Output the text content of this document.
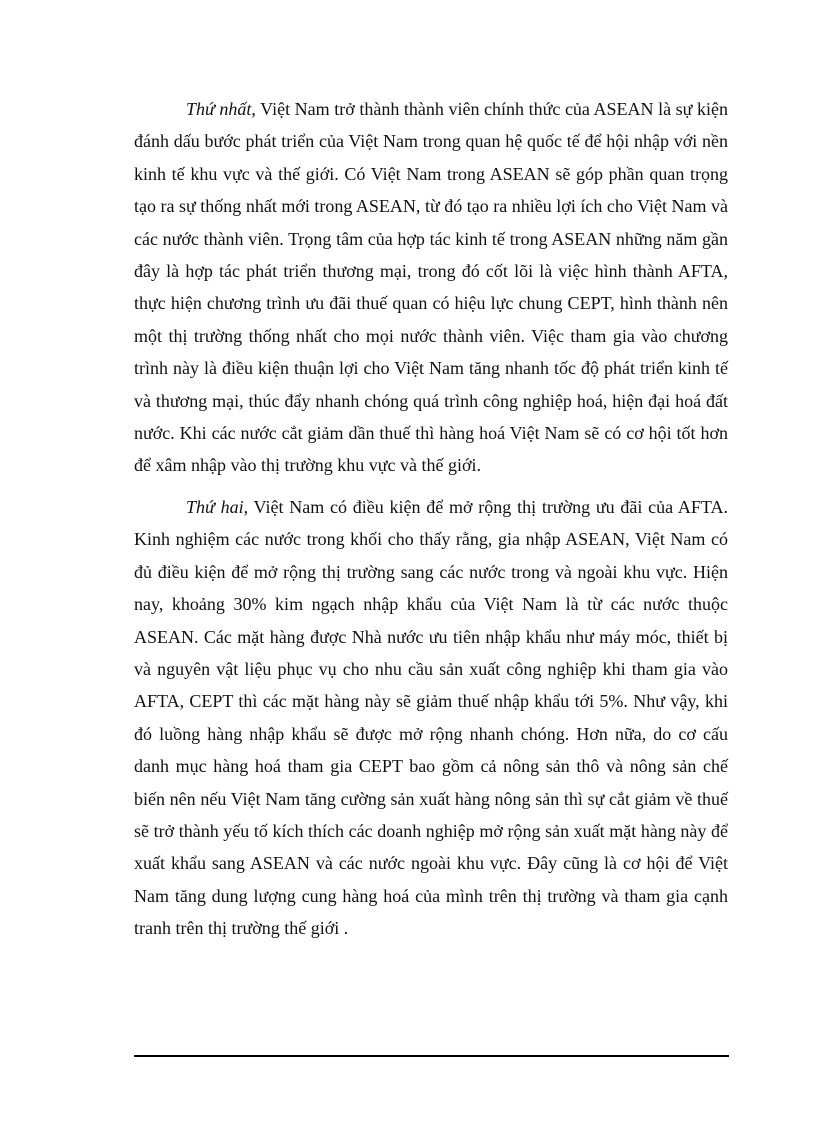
Thứ nhất, Việt Nam trở thành thành viên chính thức của ASEAN là sự kiện đánh dấu bước phát triển của Việt Nam trong quan hệ quốc tế để hội nhập với nền kinh tế khu vực và thế giới. Có Việt Nam trong ASEAN sẽ góp phần quan trọng tạo ra sự thống nhất mới trong ASEAN, từ đó tạo ra nhiều lợi ích cho Việt Nam và các nước thành viên. Trọng tâm của hợp tác kinh tế trong ASEAN những năm gần đây là hợp tác phát triển thương mại, trong đó cốt lõi là việc hình thành AFTA, thực hiện chương trình ưu đãi thuế quan có hiệu lực chung CEPT, hình thành nên một thị trường thống nhất cho mọi nước thành viên. Việc tham gia vào chương trình này là điều kiện thuận lợi cho Việt Nam tăng nhanh tốc độ phát triển kinh tế và thương mại, thúc đẩy nhanh chóng quá trình công nghiệp hoá, hiện đại hoá đất nước. Khi các nước cắt giảm dần thuế thì hàng hoá Việt Nam sẽ có cơ hội tốt hơn để xâm nhập vào thị trường khu vực và thế giới.

Thứ hai, Việt Nam có điều kiện để mở rộng thị trường ưu đãi của AFTA. Kinh nghiệm các nước trong khối cho thấy rằng, gia nhập ASEAN, Việt Nam có đủ điều kiện để mở rộng thị trường sang các nước trong và ngoài khu vực. Hiện nay, khoảng 30% kim ngạch nhập khẩu của Việt Nam là từ các nước thuộc ASEAN. Các mặt hàng được Nhà nước ưu tiên nhập khẩu như máy móc, thiết bị và nguyên vật liệu phục vụ cho nhu cầu sản xuất công nghiệp khi tham gia vào AFTA, CEPT thì các mặt hàng này sẽ giảm thuế nhập khẩu tới 5%. Như vậy, khi đó luồng hàng nhập khẩu sẽ được mở rộng nhanh chóng. Hơn nữa, do cơ cấu danh mục hàng hoá tham gia CEPT bao gồm cả nông sản thô và nông sản chế biến nên nếu Việt Nam tăng cường sản xuất hàng nông sản thì sự cắt giảm về thuế sẽ trở thành yếu tố kích thích các doanh nghiệp mở rộng sản xuất mặt hàng này để xuất khẩu sang ASEAN và các nước ngoài khu vực. Đây cũng là cơ hội để Việt Nam tăng dung lượng cung hàng hoá của mình trên thị trường và tham gia cạnh tranh trên thị trường thế giới .
